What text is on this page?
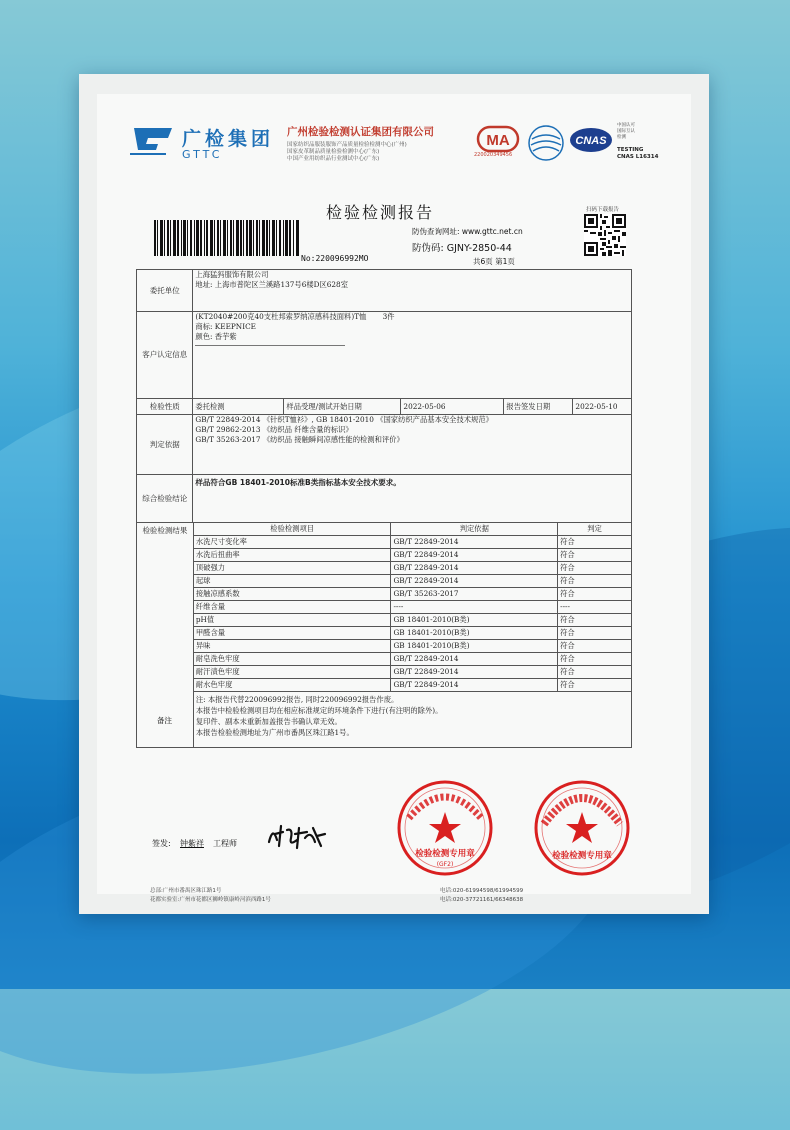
广检集团
GTTC
广州检验检测认证集团有限公司
国家纺织品服装服饰产品质量检验检测中心(广州)
国家皮革制品质量检验检测中心(广东)
中国产业用纺织品行业测试中心(广东)
MA
220020349456
CNAS
中国认可
国际互认
检测
TESTING
CNAS L16314
检验检测报告
防伪查询网址: www.gttc.net.cn
防伪码: GJNY-2850-44
共6页 第1页
扫码下载报告
No:220096992MO
委托单位	上海猛犸服饰有限公司
地址: 上海市普陀区兰溪路137号6楼D区628室

客户认定信息	(KT2040#200克40支杜邦索罗纳凉感科技面料)T恤 3件
商标: KEEPNICE
颜色: 香芋紫

检验性质	委托检测 样品受理/测试开始日期 2022-05-06 报告签发日期 2022-05-10

判定依据	GB/T 22849-2014 《针织T恤衫》, GB 18401-2010 《国家纺织产品基本安全技术规范》
GB/T 29862-2013 《纺织品 纤维含量的标识》
GB/T 35263-2017 《纺织品 接触瞬间凉感性能的检测和评价》

综合检验结论	样品符合GB 18401-2010标准B类指标基本安全技术要求。
检验检测结果	检验检测项目	判定依据	判定
	水洗尺寸变化率	GB/T 22849-2014	符合
	水洗后扭曲率	GB/T 22849-2014	符合
	顶破强力	GB/T 22849-2014	符合
	起球	GB/T 22849-2014	符合
	接触凉感系数	GB/T 35263-2017	符合
	纤维含量	----	----
	pH值	GB 18401-2010(B类)	符合
	甲醛含量	GB 18401-2010(B类)	符合
	异味	GB 18401-2010(B类)	符合
	耐皂洗色牢度	GB/T 22849-2014	符合
	耐汗渍色牢度	GB/T 22849-2014	符合
	耐水色牢度	GB/T 22849-2014	符合

	注: 本报告代替220096992报告, 同时220096992报告作废。
本报告中检验检测项目均在相应标准规定的环境条件下进行(有注明的除外)。
复印件、副本未重新加盖报告书确认章无效。
本报告检验检测地址为广州市番禺区珠江路1号。		
备注
签发: 钟紫祥 工程师
检验检测专用章
(GF2)
检验检测专用章
总部:广州市番禺区珠江路1号	电话:020-61994598/61994599
花都实验室:广州市花都区狮岭镇康岭河滨西路1号	电话:020-37721161/66348638
